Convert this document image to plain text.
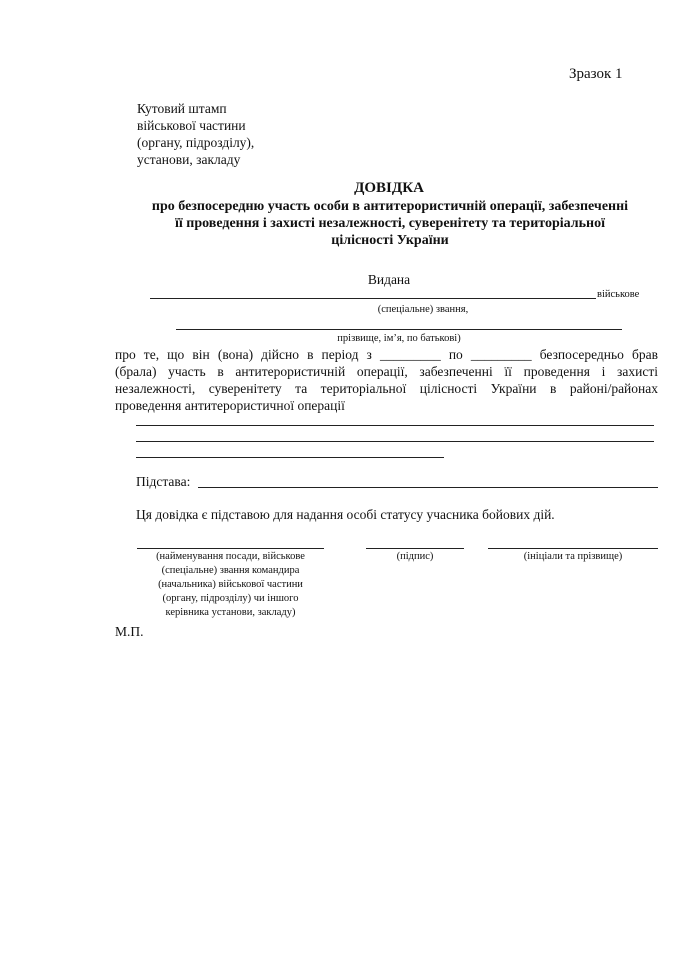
Зразок 1
Кутовий штамп
військової частини
(органу, підрозділу),
установи, закладу
ДОВІДКА
про безпосередню участь особи в антитерористичній операції, забезпеченні
її проведення і захисті незалежності, суверенітету та територіальної
цілісності України
Видана
військове
(спеціальне) звання,
прізвище, ім’я, по батькові)
про те, що він (вона) дійсно в період з _________ по _________ безпосередньо брав
(брала) участь в антитерористичній операції, забезпеченні її проведення і захисті
незалежності, суверенітету та територіальної цілісності України в районі/районах
проведення антитерористичної операції
Підстава:
Ця довідка є підставою для надання особі статусу учасника бойових дій.
(найменування посади, військове
(спеціальне) звання командира
(начальника) військової частини
(органу, підрозділу) чи іншого
керівника установи, закладу)
(підпис)	(ініціали та прізвище)
М.П.
